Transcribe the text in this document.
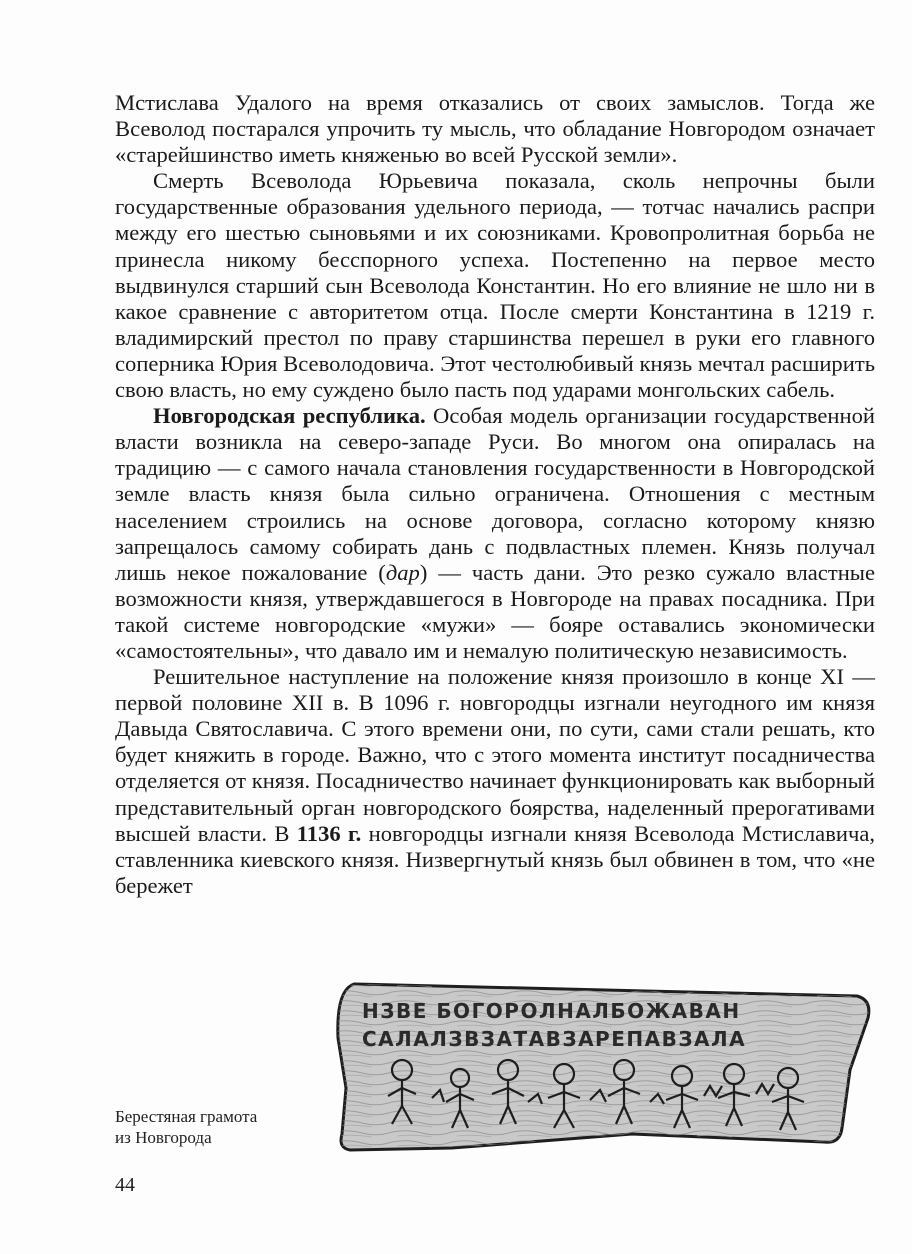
Мстислава Удалого на время отказались от своих замыслов. Тогда же Всеволод постарался упрочить ту мысль, что обладание Новгородом означает «старейшинство иметь княженью во всей Русской земли».

Смерть Всеволода Юрьевича показала, сколь непрочны были государственные образования удельного периода, — тотчас начались распри между его шестью сыновьями и их союзниками. Кровопролитная борьба не принесла никому бесспорного успеха. Постепенно на первое место выдвинулся старший сын Всеволода Константин. Но его влияние не шло ни в какое сравнение с авторитетом отца. После смерти Константина в 1219 г. владимирский престол по праву старшинства перешел в руки его главного соперника Юрия Всеволодовича. Этот честолюбивый князь мечтал расширить свою власть, но ему суждено было пасть под ударами монгольских сабель.

Новгородская республика. Особая модель организации государственной власти возникла на северо-западе Руси. Во многом она опиралась на традицию — с самого начала становления государственности в Новгородской земле власть князя была сильно ограничена. Отношения с местным населением строились на основе договора, согласно которому князю запрещалось самому собирать дань с подвластных племен. Князь получал лишь некое пожалование (дар) — часть дани. Это резко сужало властные возможности князя, утверждавшегося в Новгороде на правах посадника. При такой системе новгородские «мужи» — бояре оставались экономически «самостоятельны», что давало им и немалую политическую независимость.

Решительное наступление на положение князя произошло в конце XI — первой половине XII в. В 1096 г. новгородцы изгнали неугодного им князя Давыда Святославича. С этого времени они, по сути, сами стали решать, кто будет княжить в городе. Важно, что с этого момента институт посадничества отделяется от князя. Посадничество начинает функционировать как выборный представительный орган новгородского боярства, наделенный прерогативами высшей власти. В 1136 г. новгородцы изгнали князя Всеволода Мстиславича, ставленника киевского князя. Низвергнутый князь был обвинен в том, что «не бережет

НЗВЕ БОГОРОЛНАЛБОЖАВАН
САЛАЛЗВЗАТАВЗАРЕПАВЗАЛА
Берестяная грамота
из Новгорода
44
